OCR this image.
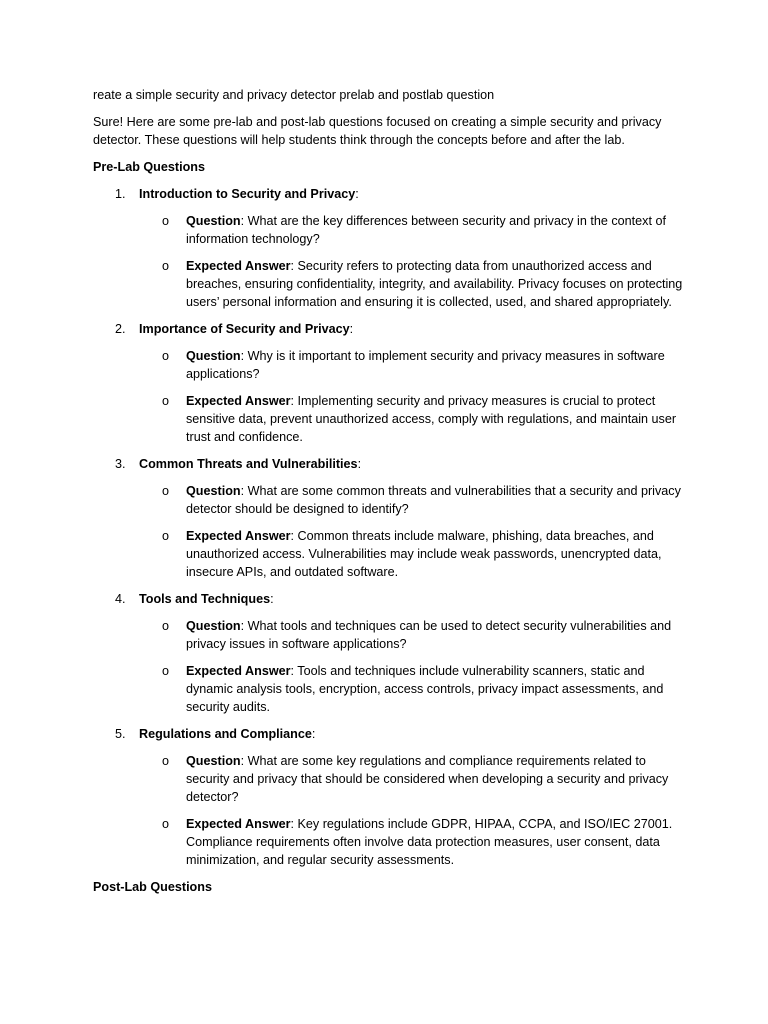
reate a simple security and privacy detector prelab and postlab question

Sure! Here are some pre-lab and post-lab questions focused on creating a simple security and privacy detector. These questions will help students think through the concepts before and after the lab.

Pre-Lab Questions

1. Introduction to Security and Privacy:
o Question: What are the key differences between security and privacy in the context of information technology?
o Expected Answer: Security refers to protecting data from unauthorized access and breaches, ensuring confidentiality, integrity, and availability. Privacy focuses on protecting users’ personal information and ensuring it is collected, used, and shared appropriately.
2. Importance of Security and Privacy:
o Question: Why is it important to implement security and privacy measures in software applications?
o Expected Answer: Implementing security and privacy measures is crucial to protect sensitive data, prevent unauthorized access, comply with regulations, and maintain user trust and confidence.
3. Common Threats and Vulnerabilities:
o Question: What are some common threats and vulnerabilities that a security and privacy detector should be designed to identify?
o Expected Answer: Common threats include malware, phishing, data breaches, and unauthorized access. Vulnerabilities may include weak passwords, unencrypted data, insecure APIs, and outdated software.
4. Tools and Techniques:
o Question: What tools and techniques can be used to detect security vulnerabilities and privacy issues in software applications?
o Expected Answer: Tools and techniques include vulnerability scanners, static and dynamic analysis tools, encryption, access controls, privacy impact assessments, and security audits.
5. Regulations and Compliance:
o Question: What are some key regulations and compliance requirements related to security and privacy that should be considered when developing a security and privacy detector?
o Expected Answer: Key regulations include GDPR, HIPAA, CCPA, and ISO/IEC 27001. Compliance requirements often involve data protection measures, user consent, data minimization, and regular security assessments.

Post-Lab Questions
